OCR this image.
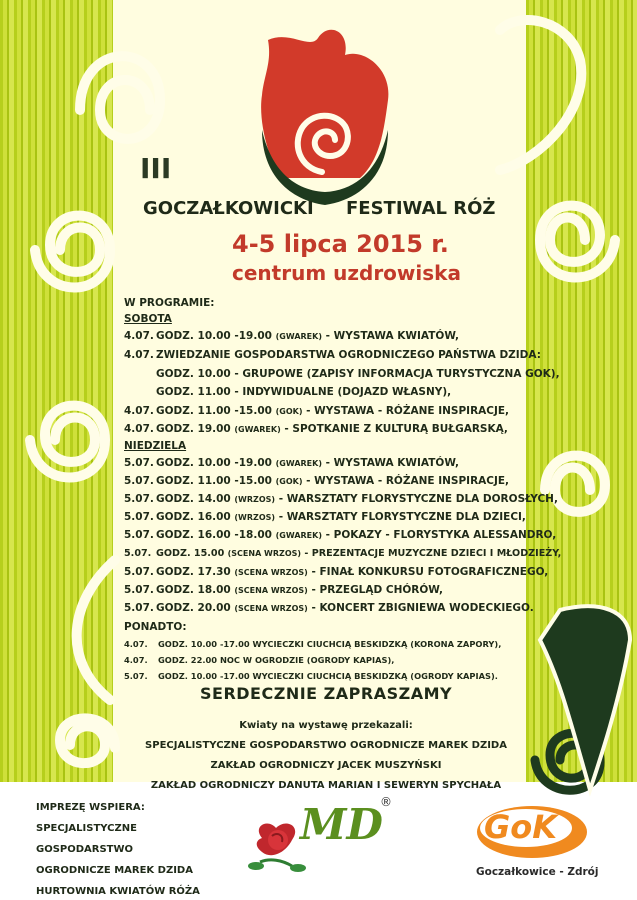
III
GOCZAŁKOWICKI FESTIWAL RÓŻ
4-5 lipca 2015 r.
centrum uzdrowiska
W PROGRAMIE:
SOBOTA
4.07. GODZ. 10.00 -19.00 (GWAREK) - WYSTAWA KWIATÓW,
4.07. ZWIEDZANIE GOSPODARSTWA OGRODNICZEGO PAŃSTWA DZIDA:
GODZ. 10.00 - GRUPOWE (ZAPISY INFORMACJA TURYSTYCZNA GOK),
GODZ. 11.00 - INDYWIDUALNE (DOJAZD WŁASNY),
4.07. GODZ. 11.00 -15.00 (GOK) - WYSTAWA - RÓŻANE INSPIRACJE,
4.07. GODZ. 19.00 (GWAREK) - SPOTKANIE Z KULTURĄ BUŁGARSKĄ,
NIEDZIELA
5.07. GODZ. 10.00 -19.00 (GWAREK) - WYSTAWA KWIATÓW,
5.07. GODZ. 11.00 -15.00 (GOK) - WYSTAWA - RÓŻANE INSPIRACJE,
5.07. GODZ. 14.00 (WRZOS) - WARSZTATY FLORYSTYCZNE DLA DOROSŁYCH,
5.07. GODZ. 16.00 (WRZOS) - WARSZTATY FLORYSTYCZNE DLA DZIECI,
5.07. GODZ. 16.00 -18.00 (GWAREK) - POKAZY - FLORYSTYKA ALESSANDRO,
5.07. GODZ. 15.00 (SCENA WRZOS) - PREZENTACJE MUZYCZNE DZIECI I MŁODZIEŻY,
5.07. GODZ. 17.30 (SCENA WRZOS) - FINAŁ KONKURSU FOTOGRAFICZNEGO,
5.07. GODZ. 18.00 (SCENA WRZOS) - PRZEGLĄD CHÓRÓW,
5.07. GODZ. 20.00 (SCENA WRZOS) - KONCERT ZBIGNIEWA WODECKIEGO.
PONADTO:
4.07. GODZ. 10.00 -17.00 WYCIECZKI CIUCHCIĄ BESKIDZKĄ (KORONA ZAPORY),
4.07. GODZ. 22.00 NOC W OGRODZIE (OGRODY KAPIAS),
5.07. GODZ. 10.00 -17.00 WYCIECZKI CIUCHCIĄ BESKIDZKĄ (OGRODY KAPIAS).
SERDECZNIE ZAPRASZAMY
Kwiaty na wystawę przekazali:
SPECJALISTYCZNE GOSPODARSTWO OGRODNICZE MAREK DZIDA
ZAKŁAD OGRODNICZY JACEK MUSZYŃSKI
ZAKŁAD OGRODNICZY DANUTA MARIAN I SEWERYN SPYCHAŁA
IMPREZĘ WSPIERA:
SPECJALISTYCZNE
GOSPODARSTWO
OGRODNICZE MAREK DZIDA
HURTOWNIA KWIATÓW RÓŻA
MD
®
GoK
Goczałkowice - Zdrój
